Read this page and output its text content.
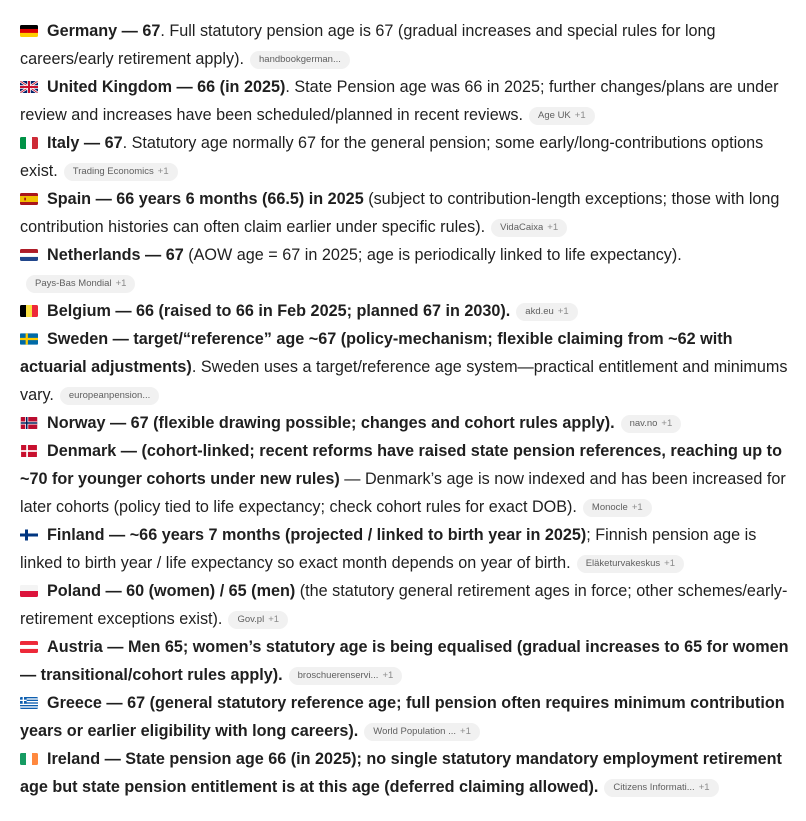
Germany — 67. Full statutory pension age is 67 (gradual increases and special rules for long careers/early retirement apply). handbookgerman...

United Kingdom — 66 (in 2025). State Pension age was 66 in 2025; further changes/plans are under review and increases have been scheduled/planned in recent reviews. Age UK +1

Italy — 67. Statutory age normally 67 for the general pension; some early/long-contributions options exist. Trading Economics +1

Spain — 66 years 6 months (66.5) in 2025 (subject to contribution-length exceptions; those with long contribution histories can often claim earlier under specific rules). VidaCaixa +1

Netherlands — 67 (AOW age = 67 in 2025; age is periodically linked to life expectancy).Pays-Bas Mondial +1

Belgium — 66 (raised to 66 in Feb 2025; planned 67 in 2030). akd.eu +1

Sweden — target/“reference” age ~67 (policy-mechanism; flexible claiming from ~62 with actuarial adjustments). Sweden uses a target/reference age system—practical entitlement and minimums vary. europeanpension...

Norway — 67 (flexible drawing possible; changes and cohort rules apply). nav.no +1

Denmark — (cohort-linked; recent reforms have raised state pension references, reaching up to ~70 for younger cohorts under new rules) — Denmark’s age is now indexed and has been increased for later cohorts (policy tied to life expectancy; check cohort rules for exact DOB). Monocle +1

Finland — ~66 years 7 months (projected / linked to birth year in 2025); Finnish pension age is linked to birth year / life expectancy so exact month depends on year of birth. Eläketurvakeskus +1

Poland — 60 (women) / 65 (men) (the statutory general retirement ages in force; other schemes/early-retirement exceptions exist). Gov.pl +1

Austria — Men 65; women’s statutory age is being equalised (gradual increases to 65 for women — transitional/cohort rules apply). broschuerenservi... +1

Greece — 67 (general statutory reference age; full pension often requires minimum contribution years or earlier eligibility with long careers). World Population ... +1

Ireland — State pension age 66 (in 2025); no single statutory mandatory employment retirement age but state pension entitlement is at this age (deferred claiming allowed). Citizens Informati... +1
